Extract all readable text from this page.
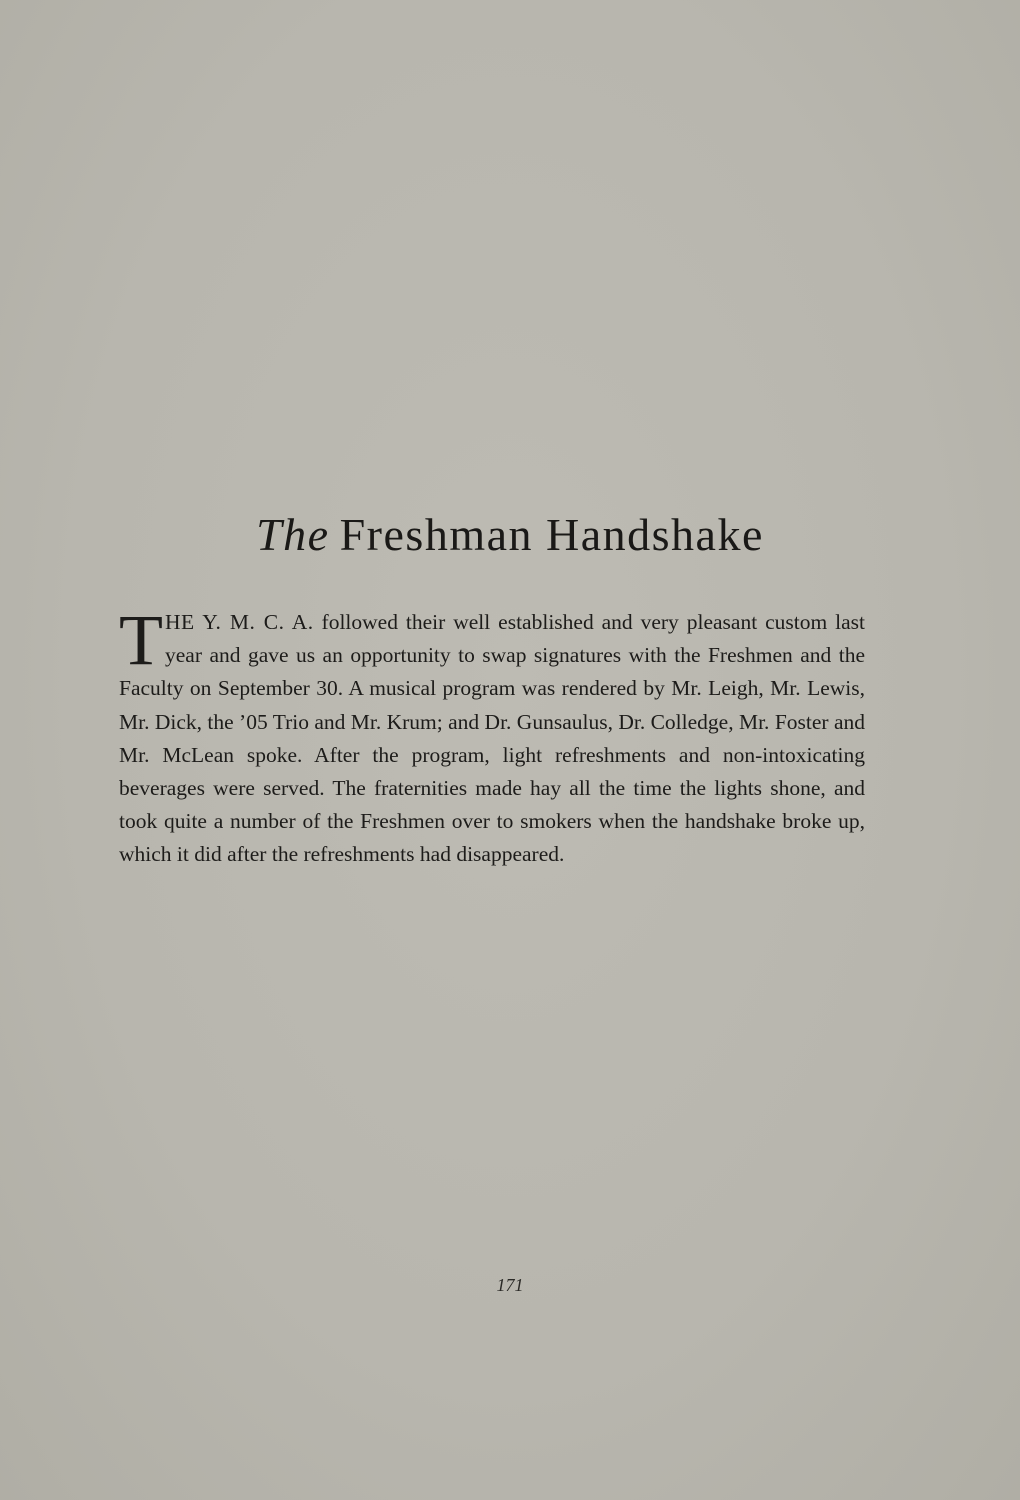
The Freshman Handshake
THE Y. M. C. A. followed their well established and very pleasant custom last year and gave us an opportunity to swap signatures with the Freshmen and the Faculty on September 30. A musical program was rendered by Mr. Leigh, Mr. Lewis, Mr. Dick, the ’05 Trio and Mr. Krum; and Dr. Gunsaulus, Dr. Colledge, Mr. Foster and Mr. McLean spoke. After the program, light refreshments and non-intoxicating beverages were served. The fraternities made hay all the time the lights shone, and took quite a number of the Freshmen over to smokers when the handshake broke up, which it did after the refreshments had disappeared.
171
